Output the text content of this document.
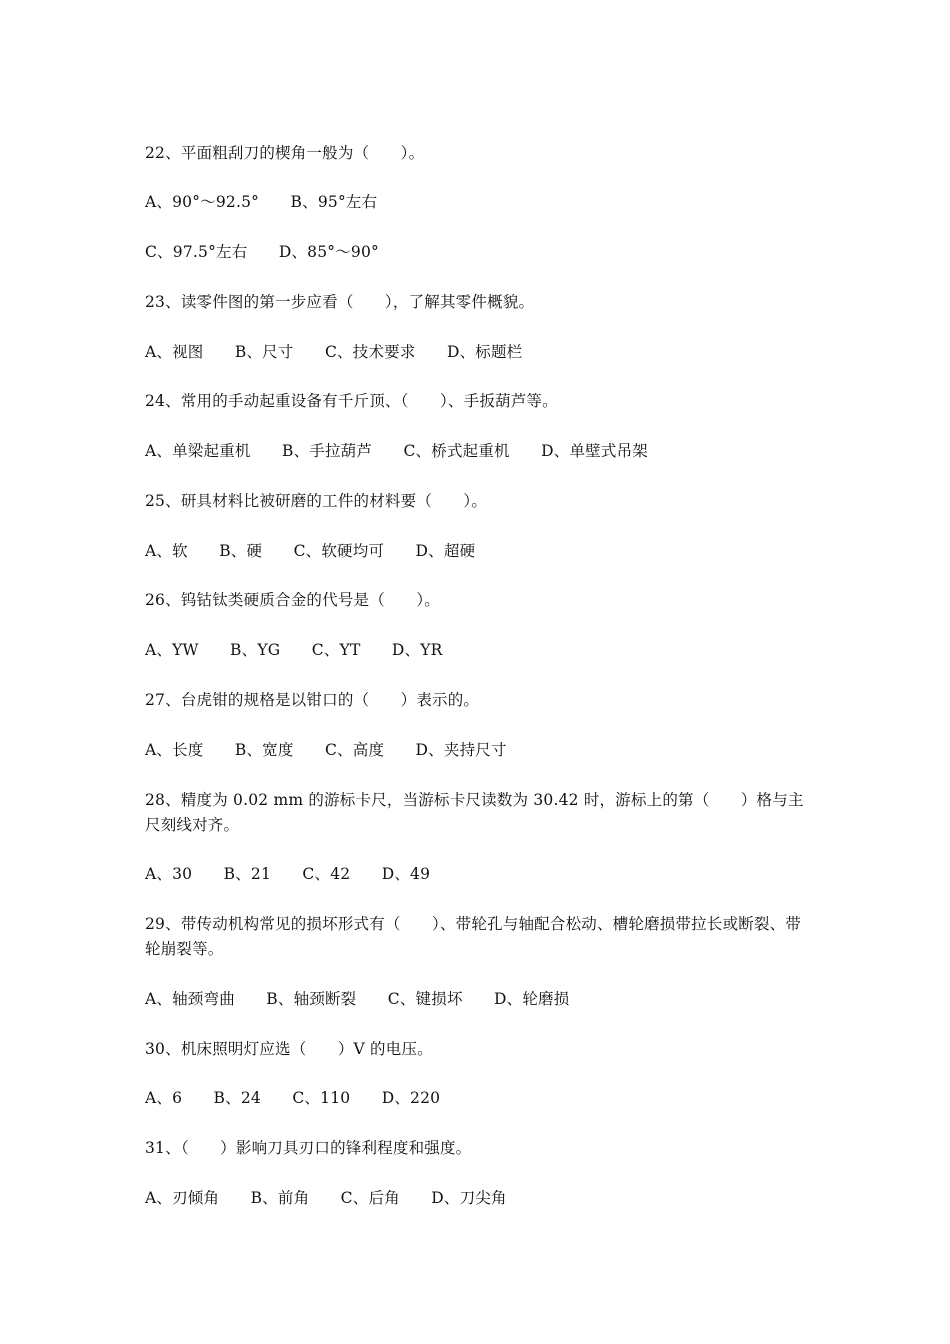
22、平面粗刮刀的楔角一般为（　　）。
A、90°～92.5°　　B、95°左右
C、97.5°左右　　D、85°～90°
23、读零件图的第一步应看（　　），了解其零件概貌。
A、视图　　B、尺寸　　C、技术要求　　D、标题栏
24、常用的手动起重设备有千斤顶、（　　）、手扳葫芦等。
A、单梁起重机　　B、手拉葫芦　　C、桥式起重机　　D、单壁式吊架
25、研具材料比被研磨的工件的材料要（　　）。
A、软　　B、硬　　C、软硬均可　　D、超硬
26、钨钴钛类硬质合金的代号是（　　）。
A、YW　　B、YG　　C、YT　　D、YR
27、台虎钳的规格是以钳口的（　　）表示的。
A、长度　　B、宽度　　C、高度　　D、夹持尺寸
28、精度为 0.02 mm 的游标卡尺，当游标卡尺读数为 30.42 时，游标上的第（　　）格与主尺刻线对齐。
A、30　　B、21　　C、42　　D、49
29、带传动机构常见的损坏形式有（　　）、带轮孔与轴配合松动、槽轮磨损带拉长或断裂、带轮崩裂等。
A、轴颈弯曲　　B、轴颈断裂　　C、键损坏　　D、轮磨损
30、机床照明灯应选（　　）V 的电压。
A、6　　B、24　　C、110　　D、220
31、（　　）影响刀具刃口的锋利程度和强度。
A、刃倾角　　B、前角　　C、后角　　D、刀尖角
